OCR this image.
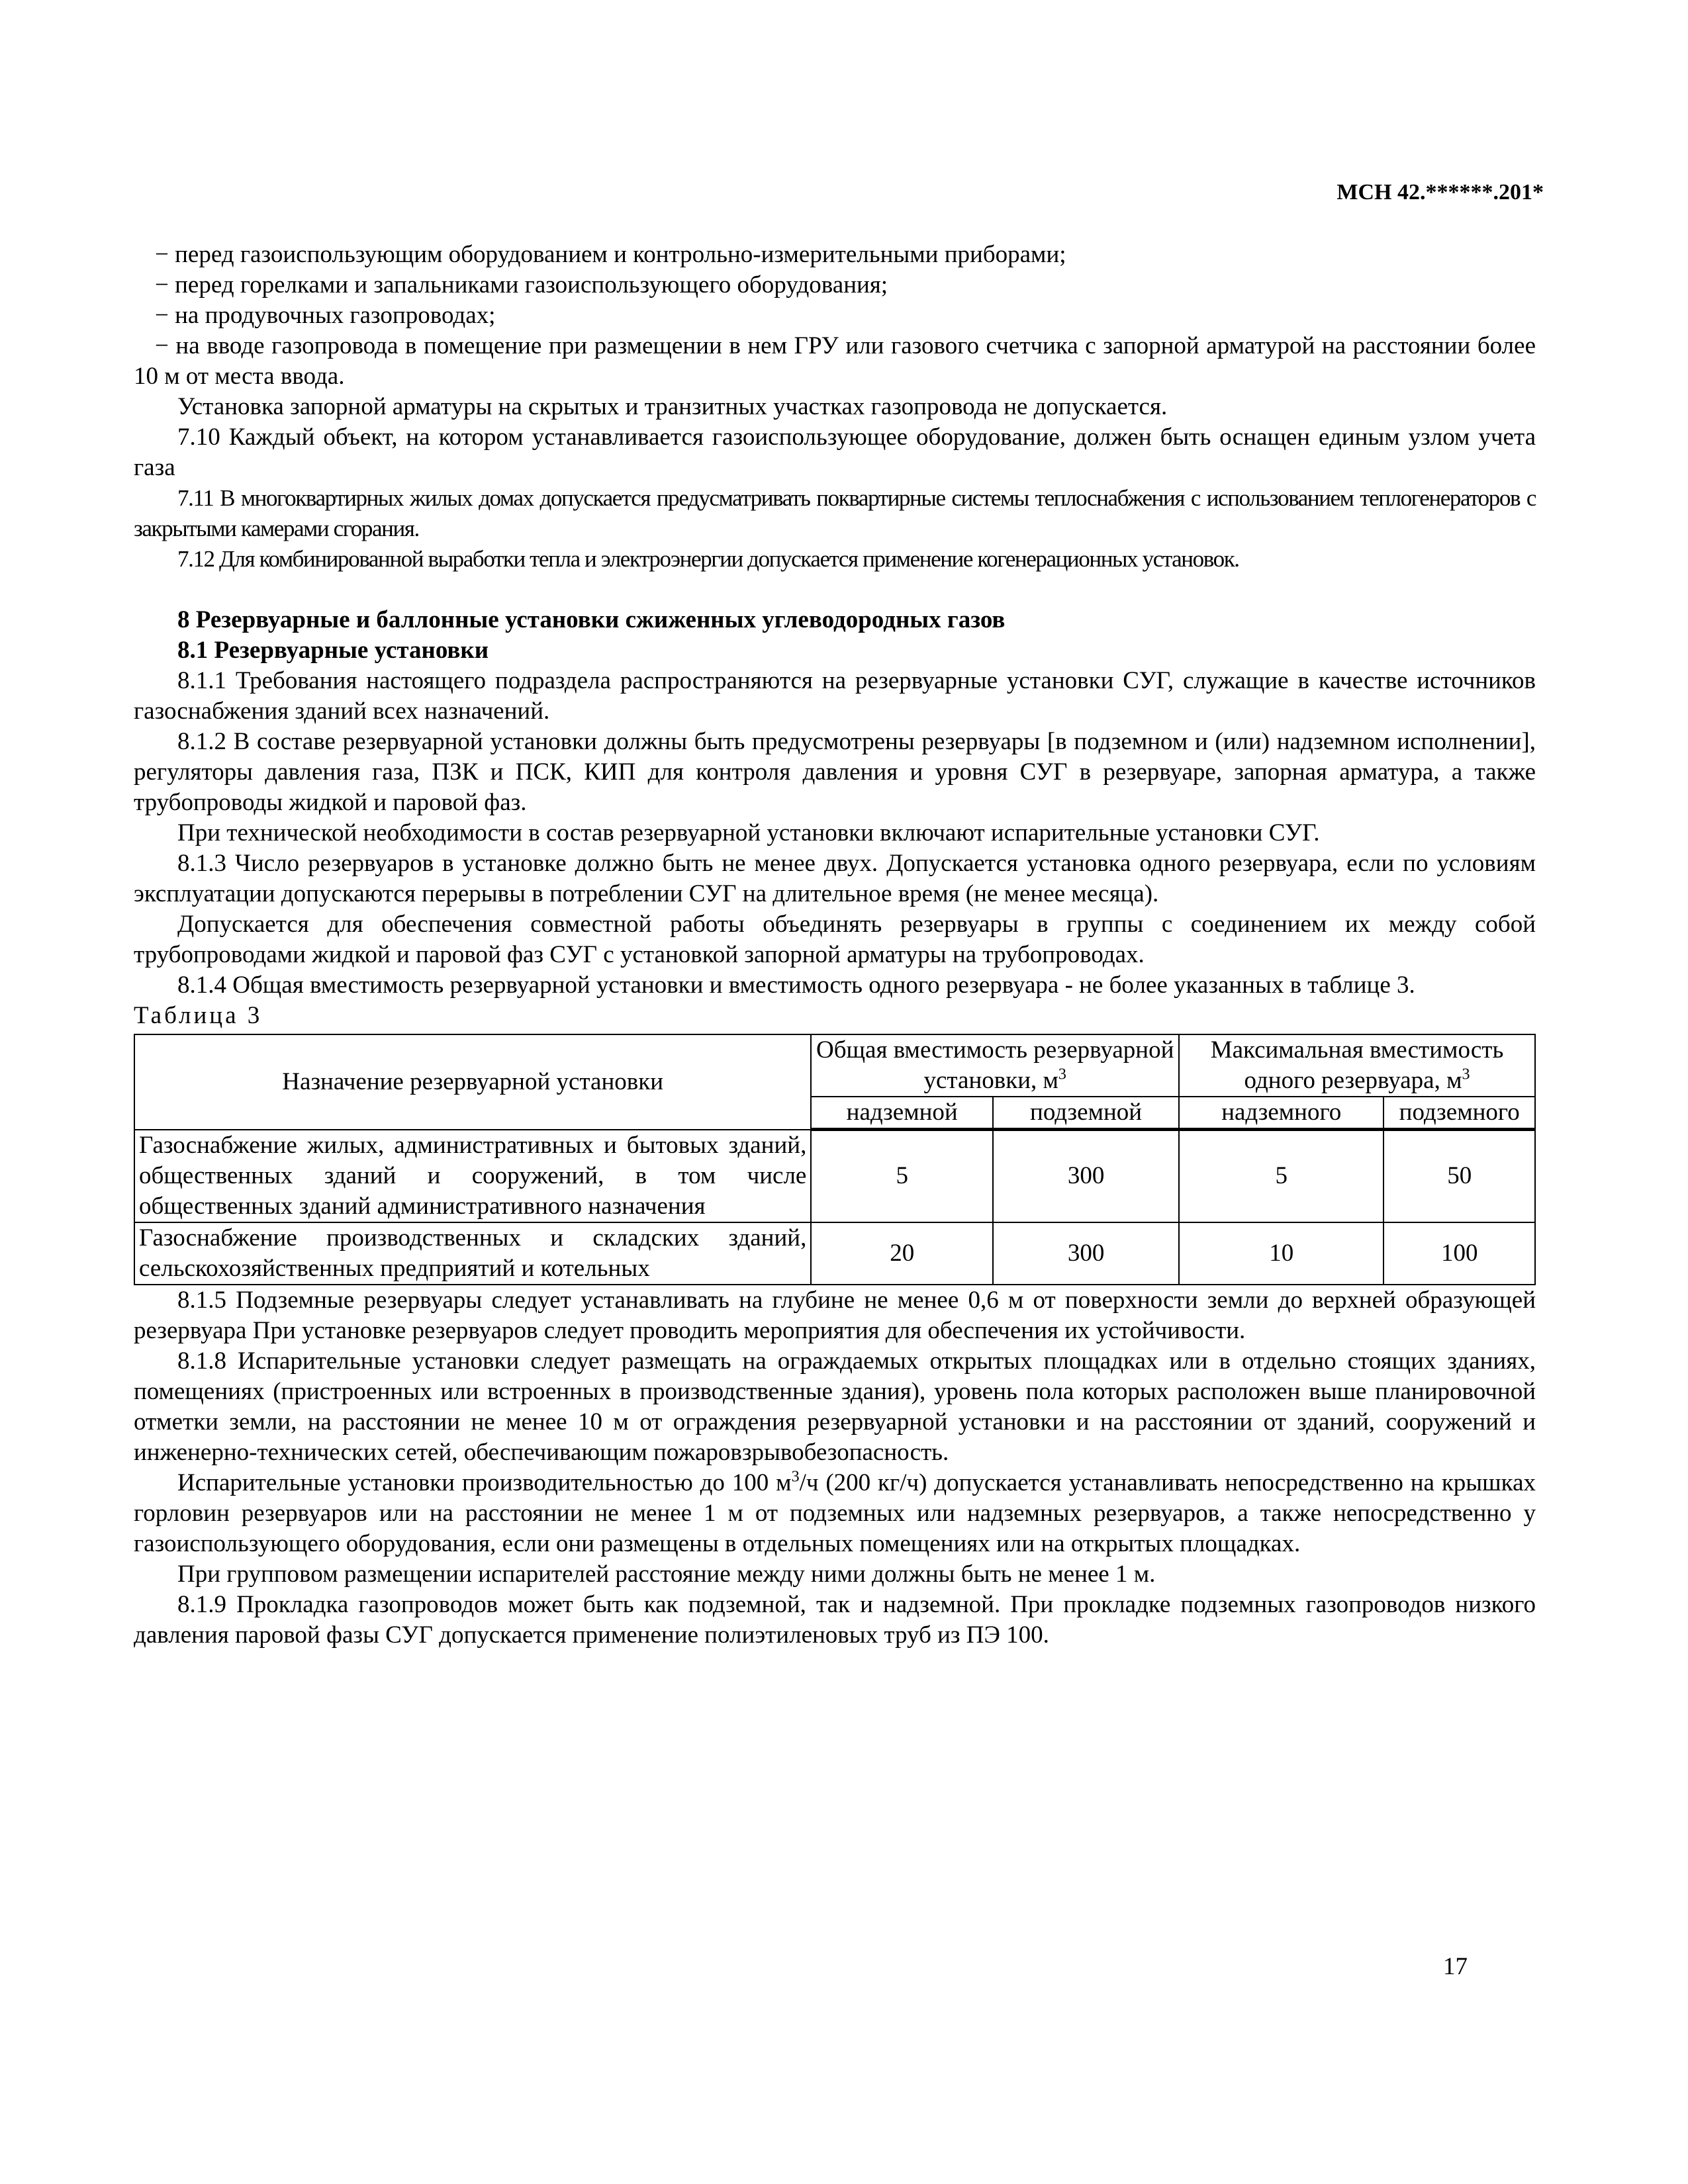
МСН 42.******.201*

− перед газоиспользующим оборудованием и контрольно-измерительными приборами;

− перед горелками и запальниками газоиспользующего оборудования;

− на продувочных газопроводах;

− на вводе газопровода в помещение при размещении в нем ГРУ или газового счетчика с запорной арматурой на расстоянии более 10 м от места ввода.

Установка запорной арматуры на скрытых и транзитных участках газопровода не допускается.

7.10 Каждый объект, на котором устанавливается газоиспользующее оборудование, должен быть оснащен единым узлом учета газа

7.11 В многоквартирных жилых домах допускается предусматривать поквартирные системы теплоснабжения с использованием теплогенераторов с закрытыми камерами сгорания.

7.12 Для комбинированной выработки тепла и электроэнергии допускается применение когенерационных установок.

8 Резервуарные и баллонные установки сжиженных углеводородных газов

8.1 Резервуарные установки

8.1.1 Требования настоящего подраздела распространяются на резервуарные установки СУГ, служащие в качестве источников газоснабжения зданий всех назначений.

8.1.2 В составе резервуарной установки должны быть предусмотрены резервуары [в подземном и (или) надземном исполнении], регуляторы давления газа, ПЗК и ПСК, КИП для контроля давления и уровня СУГ в резервуаре, запорная арматура, а также трубопроводы жидкой и паровой фаз.

При технической необходимости в состав резервуарной установки включают испарительные установки СУГ.

8.1.3 Число резервуаров в установке должно быть не менее двух. Допускается установка одного резервуара, если по условиям эксплуатации допускаются перерывы в потреблении СУГ на длительное время (не менее месяца).

Допускается для обеспечения совместной работы объединять резервуары в группы с соединением их между собой трубопроводами жидкой и паровой фаз СУГ с установкой запорной арматуры на трубопроводах.

8.1.4 Общая вместимость резервуарной установки и вместимость одного резервуара - не более указанных в таблице 3.

Таблица 3

Назначение резервуарной установки	Общая вместимость резервуарной установки, $м^3$		Максимальная вместимость одного резервуара, $м^3$
	надземной	подземной	надземного	подземного
Газоснабжение жилых, административных и бытовых зданий, общественных зданий и сооружений, в том числе общественных зданий административного назначения	5	300	5	50
Газоснабжение производственных и складских зданий, сельскохозяйственных предприятий и котельных	20	300	10	100

8.1.5 Подземные резервуары следует устанавливать на глубине не менее 0,6 м от поверхности земли до верхней образующей резервуара При установке резервуаров следует проводить мероприятия для обеспечения их устойчивости.

8.1.8 Испарительные установки следует размещать на ограждаемых открытых площадках или в отдельно стоящих зданиях, помещениях (пристроенных или встроенных в производственные здания), уровень пола которых расположен выше планировочной отметки земли, на расстоянии не менее 10 м от ограждения резервуарной установки и на расстоянии от зданий, сооружений и инженерно-технических сетей, обеспечивающим пожаровзрывобезопасность.

Испарительные установки производительностью до 100 $м^3/ч$ (200 кг/ч) допускается устанавливать непосредственно на крышках горловин резервуаров или на расстоянии не менее 1 м от подземных или надземных резервуаров, а также непосредственно у газоиспользующего оборудования, если они размещены в отдельных помещениях или на открытых площадках.

При групповом размещении испарителей расстояние между ними должны быть не менее 1 м.

8.1.9 Прокладка газопроводов может быть как подземной, так и надземной. При прокладке подземных газопроводов низкого давления паровой фазы СУГ допускается применение полиэтиленовых труб из ПЭ 100.

17
